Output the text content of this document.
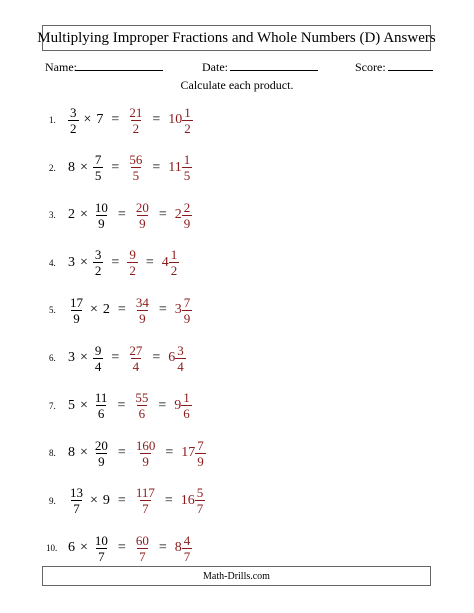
Multiplying Improper Fractions and Whole Numbers (D) Answers
Name:	Date:	Score:
Calculate each product.
1. $\frac{3}{2} \times 7 = \frac{21}{2} = 10 \frac{1}{2}$
2. $8 \times \frac{7}{5} = \frac{56}{5} = 11 \frac{1}{5}$
3. $2 \times \frac{10}{9} = \frac{20}{9} = 2 \frac{2}{9}$
4. $3 \times \frac{3}{2} = \frac{9}{2} = 4 \frac{1}{2}$
5. $\frac{17}{9} \times 2 = \frac{34}{9} = 3 \frac{7}{9}$
6. $3 \times \frac{9}{4} = \frac{27}{4} = 6 \frac{3}{4}$
7. $5 \times \frac{11}{6} = \frac{55}{6} = 9 \frac{1}{6}$
8. $8 \times \frac{20}{9} = \frac{160}{9} = 17 \frac{7}{9}$
9. $\frac{13}{7} \times 9 = \frac{117}{7} = 16 \frac{5}{7}$
10. $6 \times \frac{10}{7} = \frac{60}{7} = 8 \frac{4}{7}$
Math-Drills.com
